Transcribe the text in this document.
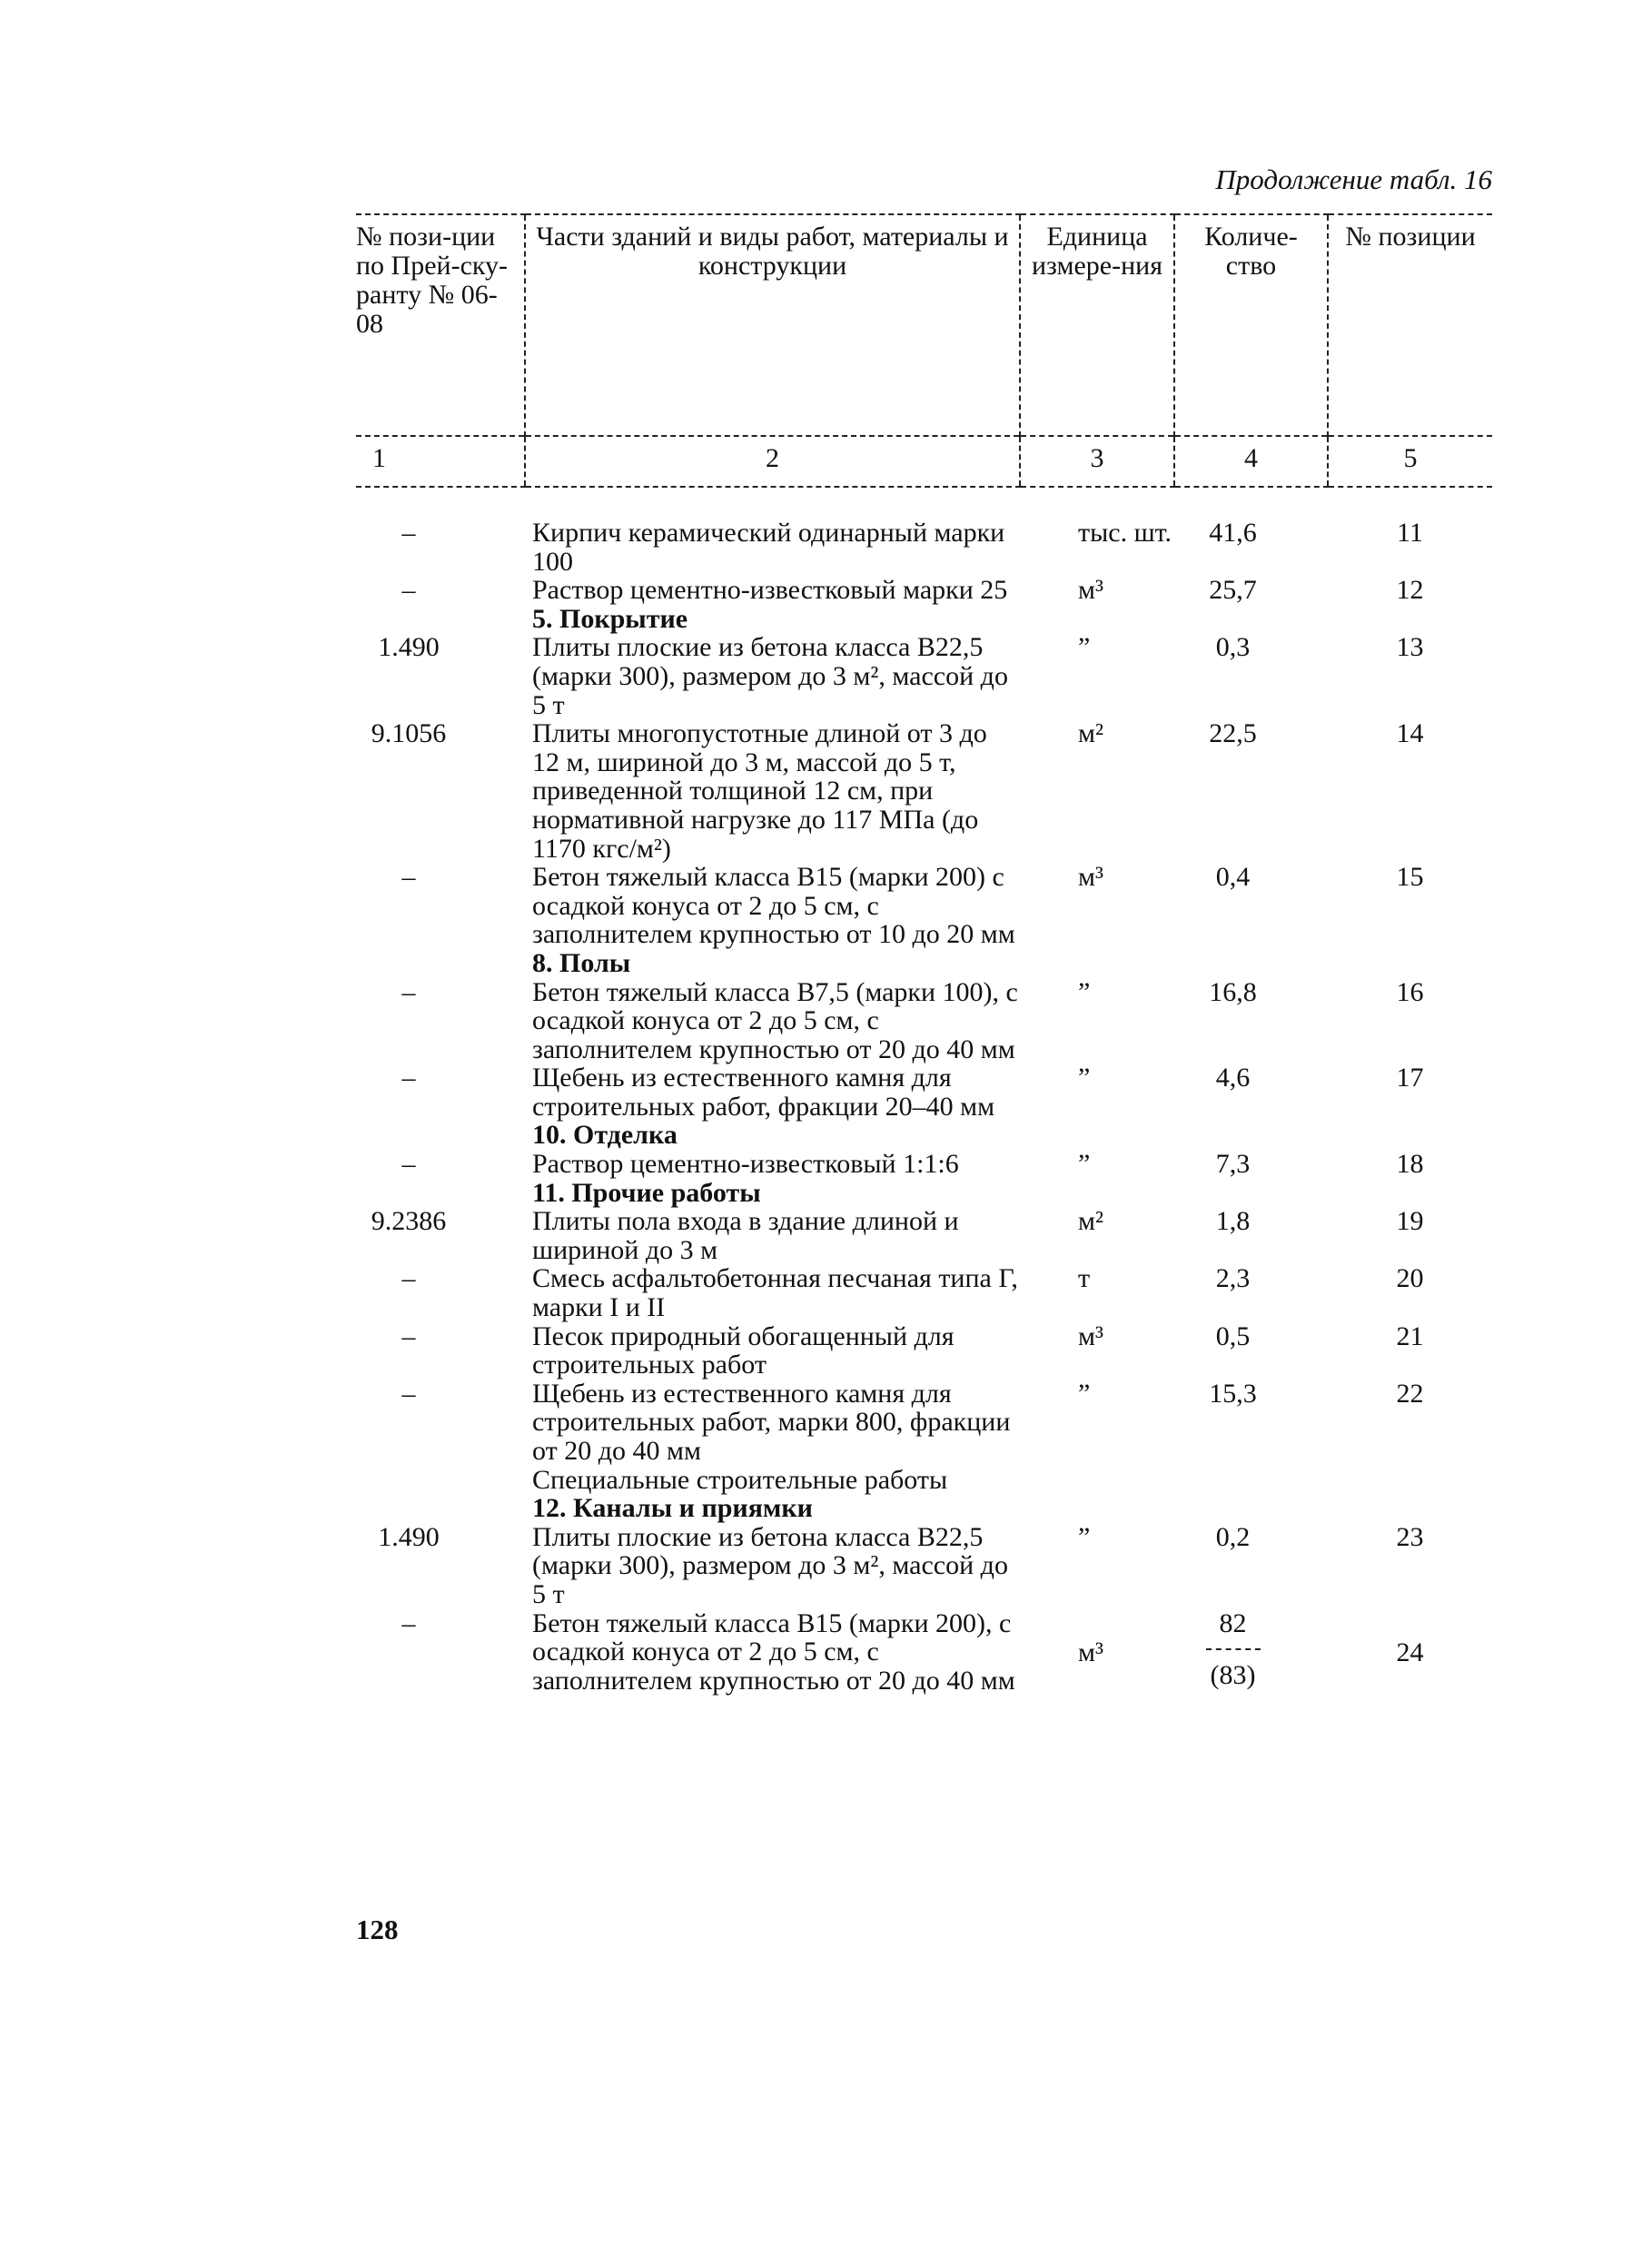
Продолжение табл. 16
№ пози-ции по Прей-ску-ранту № 06-08	Части зданий и виды работ, материалы и конструкции	Единица измере-ния	Количе-ство	№ позиции
1	2	3	4	5
–	Кирпич керамический одинарный марки 100	тыс. шт.	41,6	11
–	Раствор цементно-известковый марки 25	м³	25,7	12
	5. Покрытие			
1.490	Плиты плоские из бетона класса В22,5 (марки 300), размером до 3 м², массой до 5 т	”	0,3	13
9.1056	Плиты многопустотные длиной от 3 до 12 м, шириной до 3 м, массой до 5 т, приведенной толщиной 12 см, при нормативной нагрузке до 117 МПа (до 1170 кгс/м²)	м²	22,5	14
–	Бетон тяжелый класса В15 (марки 200) с осадкой конуса от 2 до 5 см, с заполнителем крупностью от 10 до 20 мм	м³	0,4	15
	8. Полы			
–	Бетон тяжелый класса В7,5 (марки 100), с осадкой конуса от 2 до 5 см, с заполнителем крупностью от 20 до 40 мм	”	16,8	16
–	Щебень из естественного камня для строительных работ, фракции 20–40 мм	”	4,6	17
	10. Отделка			
–	Раствор цементно-известковый 1:1:6	”	7,3	18
	11. Прочие работы			
9.2386	Плиты пола входа в здание длиной и шириной до 3 м	м²	1,8	19
–	Смесь асфальтобетонная песчаная типа Г, марки I и II	т	2,3	20
–	Песок природный обогащенный для строительных работ	м³	0,5	21
–	Щебень из естественного камня для строительных работ, марки 800, фракции от 20 до 40 мм	”	15,3	22
	Специальные строительные работы			
	12. Каналы и приямки			
1.490	Плиты плоские из бетона класса В22,5 (марки 300), размером до 3 м², массой до 5 т	”	0,2	23
–	Бетон тяжелый класса В15 (марки 200), с осадкой конуса от 2 до 5 см, с заполнителем крупностью от 20 до 40 мм	м³	$\frac{82}{(83)}$	24
128
